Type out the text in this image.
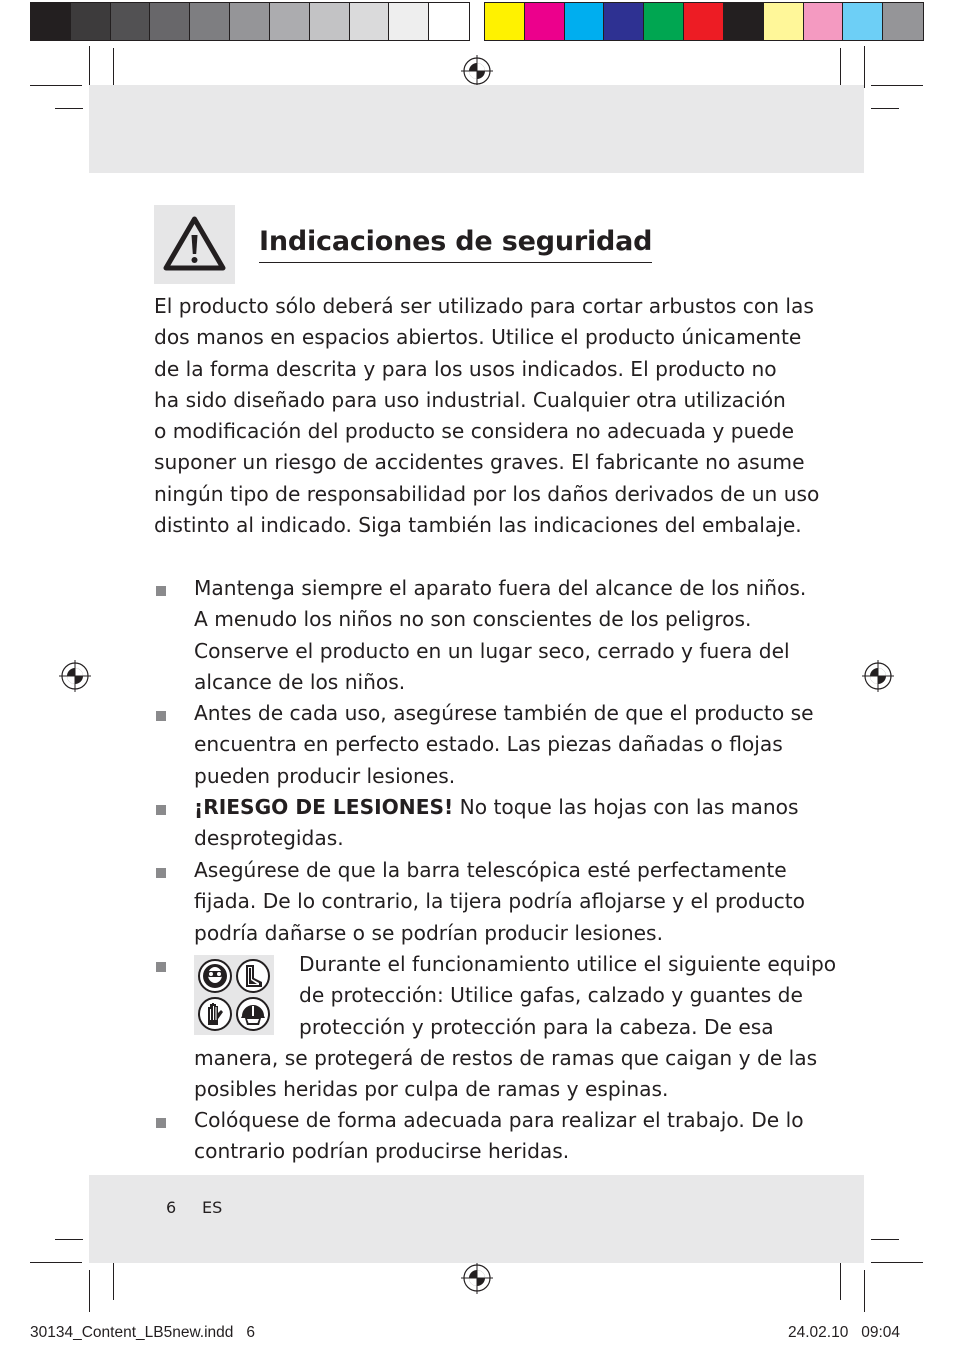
Indicaciones de seguridad
El producto sólo deberá ser utilizado para cortar arbustos con las
dos manos en espacios abiertos. Utilice el producto únicamente
de la forma descrita y para los usos indicados. El producto no
ha sido diseñado para uso industrial. Cualquier otra utilización
o modificación del producto se considera no adecuada y puede
suponer un riesgo de accidentes graves. El fabricante no asume
ningún tipo de responsabilidad por los daños derivados de un uso
distinto al indicado. Siga también las indicaciones del embalaje.
Mantenga siempre el aparato fuera del alcance de los niños.
A menudo los niños no son conscientes de los peligros.
Conserve el producto en un lugar seco, cerrado y fuera del
alcance de los niños.
Antes de cada uso, asegúrese también de que el producto se
encuentra en perfecto estado. Las piezas dañadas o flojas
pueden producir lesiones.
¡RIESGO DE LESIONES! No toque las hojas con las manos
desprotegidas.
Asegúrese de que la barra telescópica esté perfectamente
fijada. De lo contrario, la tijera podría aflojarse y el producto
podría dañarse o se podrían producir lesiones.
Durante el funcionamiento utilice el siguiente equipo
de protección: Utilice gafas, calzado y guantes de
protección y protección para la cabeza. De esa
manera, se protegerá de restos de ramas que caigan y de las
posibles heridas por culpa de ramas y espinas.
Colóquese de forma adecuada para realizar el trabajo. De lo
contrario podrían producirse heridas.
6 ES
30134_Content_LB5new.indd   6	24.02.10   09:04
